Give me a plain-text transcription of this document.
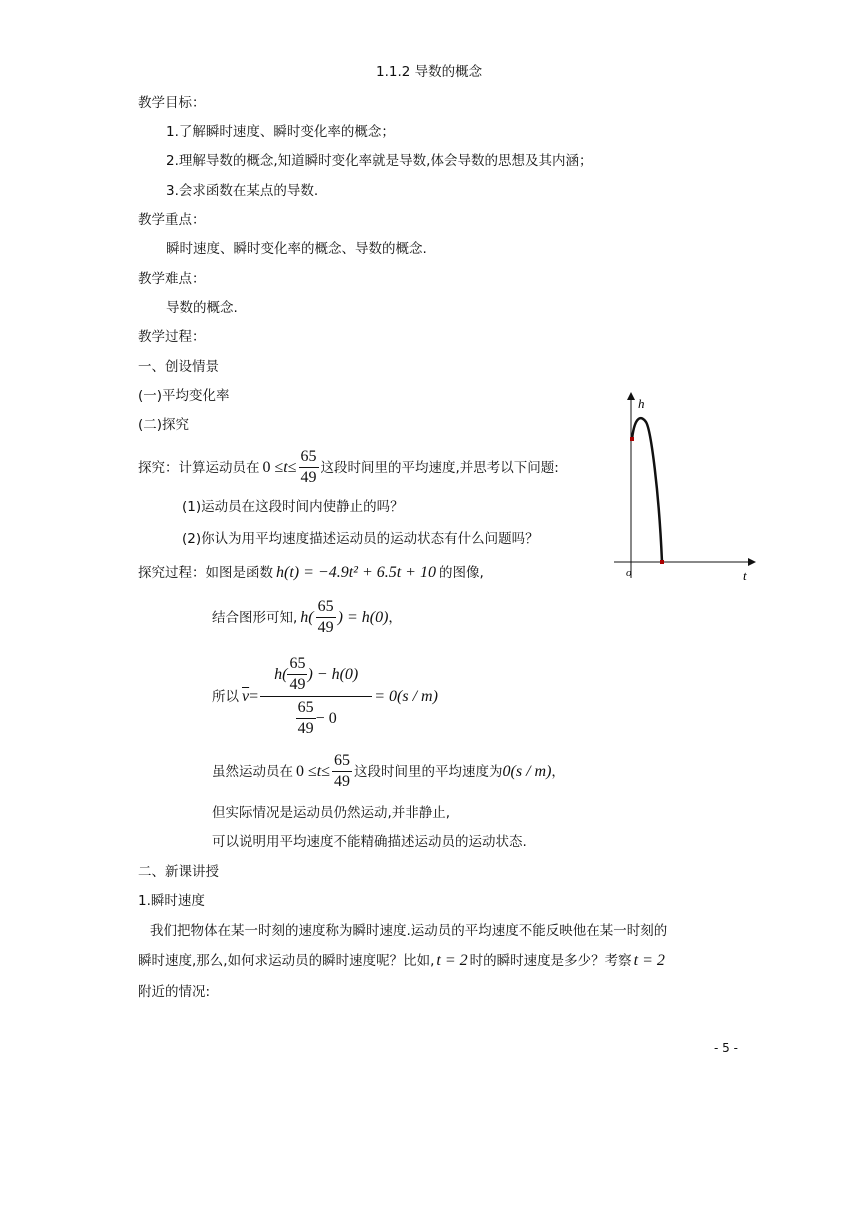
1.1.2 导数的概念
教学目标：
1.了解瞬时速度、瞬时变化率的概念；
2.理解导数的概念,知道瞬时变化率就是导数,体会导数的思想及其内涵；
3.会求函数在某点的导数.
教学重点：
瞬时速度、瞬时变化率的概念、导数的概念.
教学难点：
导数的概念.
教学过程：
一、创设情景
(一)平均变化率
(二)探究
探究：计算运动员在 $0 \le t \le \frac{65}{49}$ 这段时间里的平均速度,并思考以下问题:
(1)运动员在这段时间内使静止的吗？
(2)你认为用平均速度描述运动员的运动状态有什么问题吗？
探究过程：如图是函数 h(t) = −4.9t² + 6.5t + 10 的图像,
结合图形可知, $h( \frac{65}{49}$ ) = h(0) ，
所以 $\overline{v} = \frac{h( \frac{65}{49} ) - h(0)}{\frac{65}{49} - 0} = 0(s / m)$
虽然运动员在 $0 \le t \le \frac{65}{49}$ 这段时间里的平均速度为 0(s / m) ，
但实际情况是运动员仍然运动,并非静止,
可以说明用平均速度不能精确描述运动员的运动状态.
二、新课讲授
1.瞬时速度
我们把物体在某一时刻的速度称为瞬时速度.运动员的平均速度不能反映他在某一时刻的
瞬时速度,那么,如何求运动员的瞬时速度呢？比如, t = 2 时的瞬时速度是多少？考察 t = 2
附近的情况:
h
t
o
- 5 -
